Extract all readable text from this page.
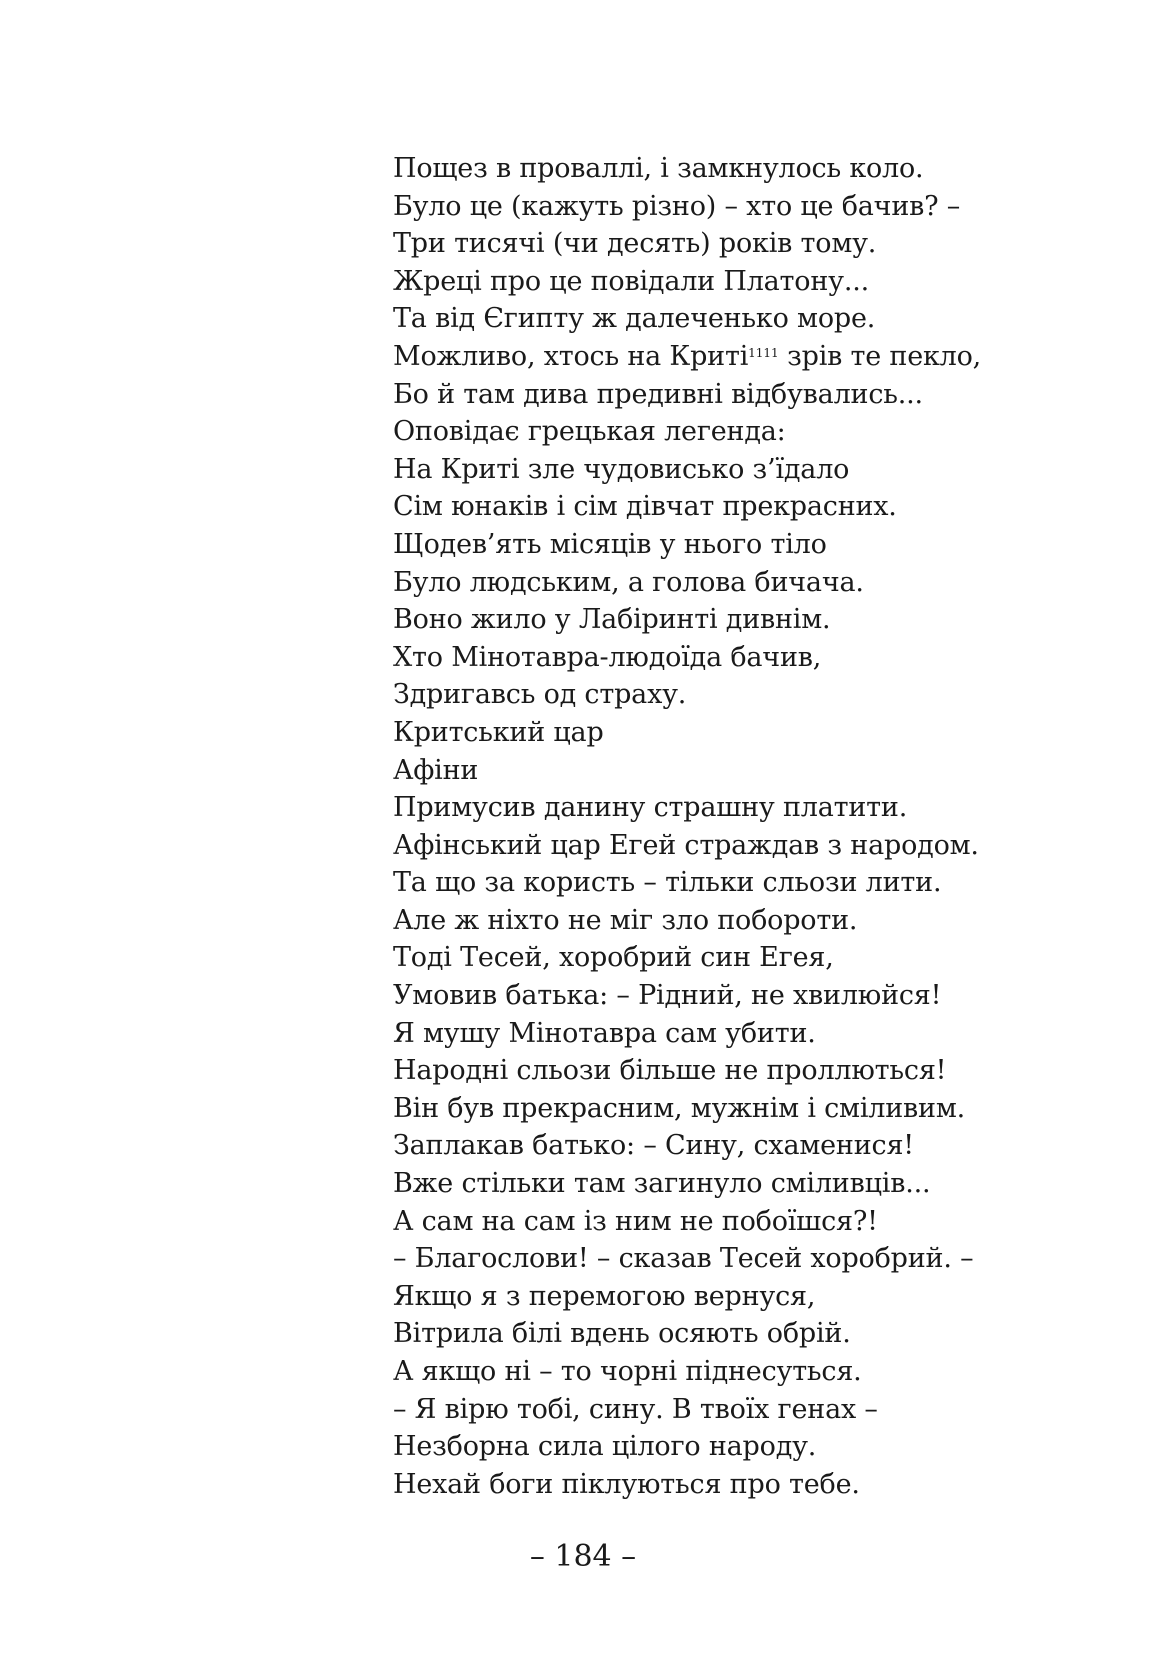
Пощез в проваллі, і замкнулось коло.
Було це (кажуть різно) – хто це бачив? –
Три тисячі (чи десять) років тому.
Жреці про це повідали Платону...
Та від Єгипту ж далеченько море.
Можливо, хтось на Криті$^{1111}$ зрів те пекло,
Бо й там дива предивні відбувались...
Оповідає грецькая легенда:
На Криті зле чудовисько з’їдало
Сім юнаків і сім дівчат прекрасних.
Щодев’ять місяців у нього тіло
Було людським, а голова бичача.
Воно жило у Лабіринті дивнім.
Хто Мінотавра-людоїда бачив,
Здригавсь од страху.
Критський цар
Афіни
Примусив данину страшну платити.
Афінський цар Егей страждав з народом.
Та що за користь – тільки сльози лити.
Але ж ніхто не міг зло побороти.
Тоді Тесей, хоробрий син Егея,
Умовив батька: – Рідний, не хвилюйся!
Я мушу Мінотавра сам убити.
Народні сльози більше не проллються!
Він був прекрасним, мужнім і сміливим.
Заплакав батько: – Сину, схаменися!
Вже стільки там загинуло сміливців...
А сам на сам із ним не побоїшся?!
– Благослови! – сказав Тесей хоробрий. –
Якщо я з перемогою вернуся,
Вітрила білі вдень осяють обрій.
А якщо ні – то чорні піднесуться.
– Я вірю тобі, сину. В твоїх генах –
Незборна сила цілого народу.
Нехай боги піклуються про тебе.
– 184 –
